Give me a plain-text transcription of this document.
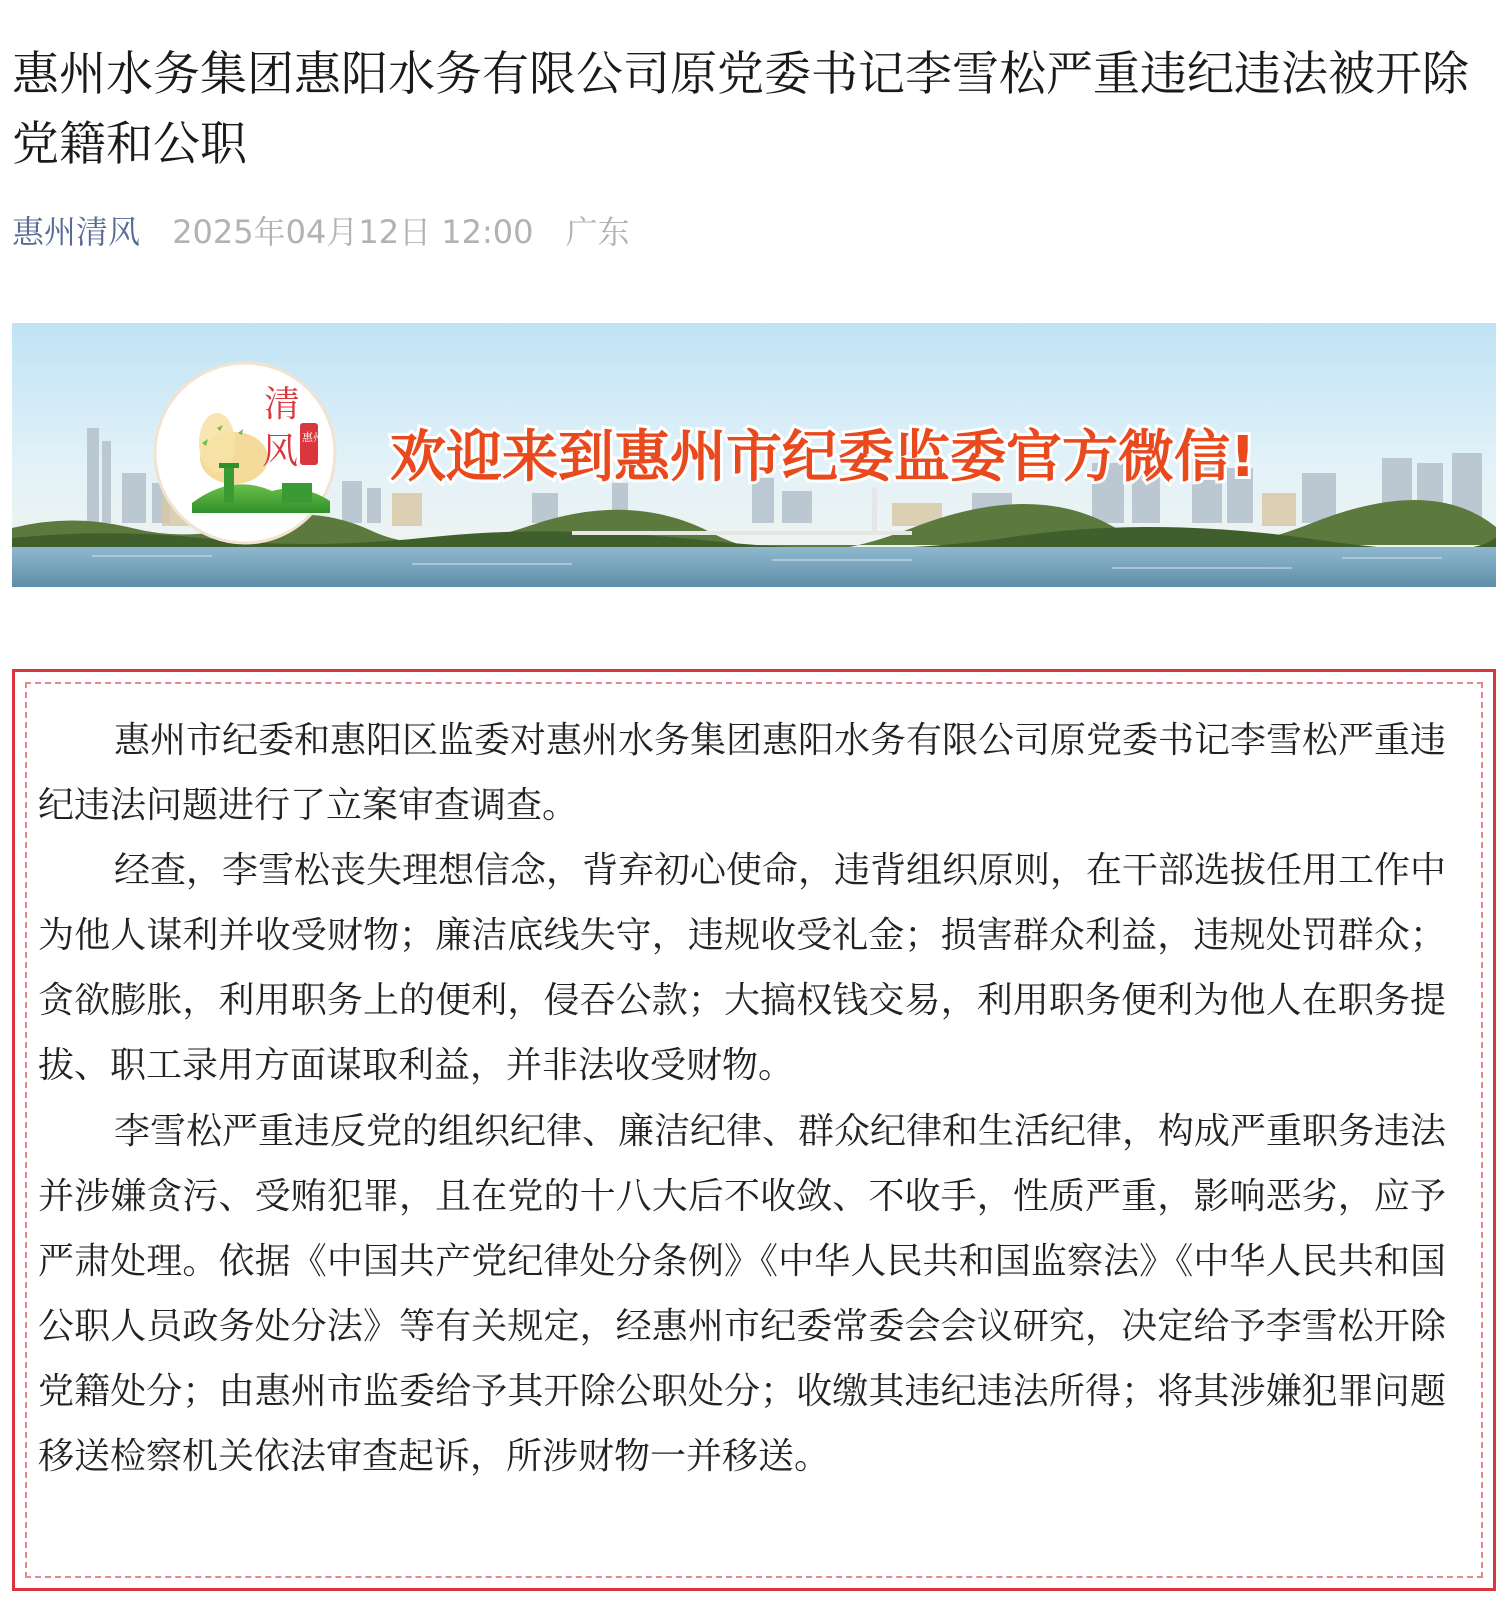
惠州水务集团惠阳水务有限公司原党委书记李雪松严重违纪违法被开除党籍和公职
惠州清风 2025年04月12日 12:00 广东
清
风 惠州 欢迎来到惠州市纪委监委官方微信!

惠州市纪委和惠阳区监委对惠州水务集团惠阳水务有限公司原党委书记李雪松严重违纪违法问题进行了立案审查调查。

经查，李雪松丧失理想信念，背弃初心使命，违背组织原则，在干部选拔任用工作中为他人谋利并收受财物；廉洁底线失守，违规收受礼金；损害群众利益，违规处罚群众；贪欲膨胀，利用职务上的便利，侵吞公款；大搞权钱交易，利用职务便利为他人在职务提拔、职工录用方面谋取利益，并非法收受财物。

李雪松严重违反党的组织纪律、廉洁纪律、群众纪律和生活纪律，构成严重职务违法并涉嫌贪污、受贿犯罪，且在党的十八大后不收敛、不收手，性质严重，影响恶劣，应予严肃处理。依据《中国共产党纪律处分条例》《中华人民共和国监察法》《中华人民共和国公职人员政务处分法》等有关规定，经惠州市纪委常委会会议研究，决定给予李雪松开除党籍处分；由惠州市监委给予其开除公职处分；收缴其违纪违法所得；将其涉嫌犯罪问题移送检察机关依法审查起诉，所涉财物一并移送。
